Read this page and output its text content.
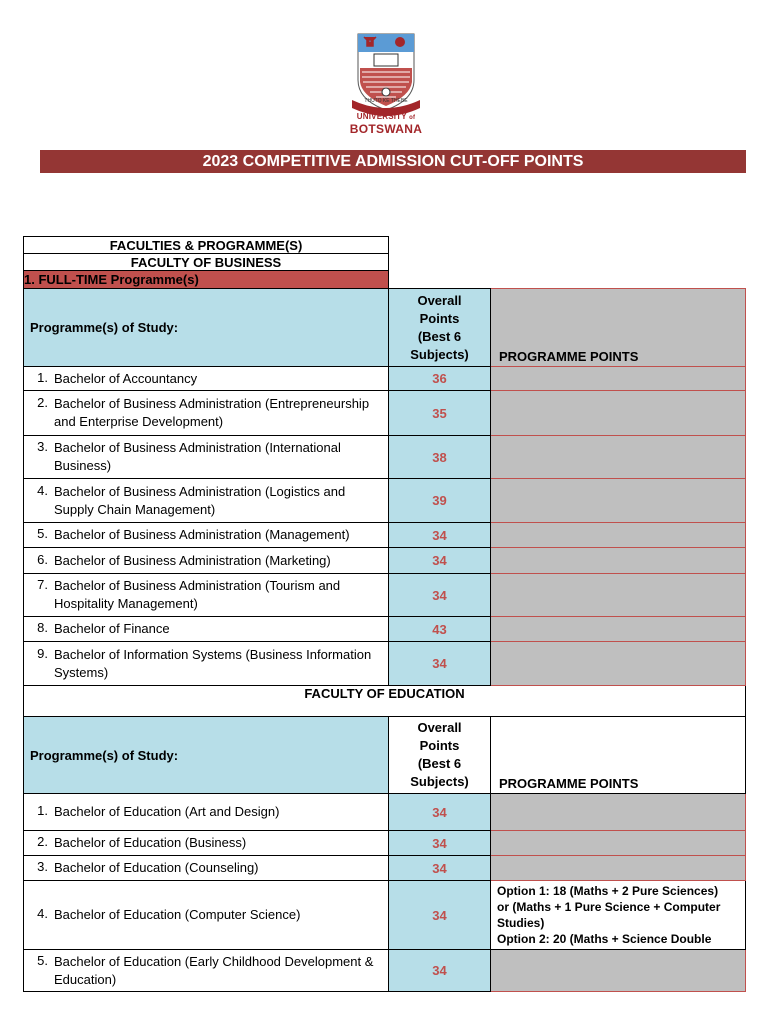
THUTO KE THEBE
UNIVERSITY of
BOTSWANA
2023 COMPETITIVE ADMISSION CUT-OFF POINTS
FACULTIES & PROGRAMME(S)		
FACULTY OF BUSINESS		
1. FULL-TIME Programme(s)		
Programme(s) of Study:	Overall
Points
(Best 6
Subjects)	PROGRAMME POINTS
1. Bachelor of Accountancy	36	
2. Bachelor of Business Administration (Entrepreneurship and Enterprise Development)	35	
3. Bachelor of Business Administration (International Business)	38	
4. Bachelor of Business Administration (Logistics and Supply Chain Management)	39	
5. Bachelor of Business Administration (Management)	34	
6. Bachelor of Business Administration (Marketing)	34	
7. Bachelor of Business Administration (Tourism and Hospitality Management)	34	
8. Bachelor of Finance	43	
9. Bachelor of Information Systems (Business Information Systems)	34	
FACULTY OF EDUCATION		
Programme(s) of Study:	Overall
Points
(Best 6
Subjects)	PROGRAMME POINTS
1. Bachelor of Education (Art and Design)	34	
2. Bachelor of Education (Business)	34	
3. Bachelor of Education (Counseling)	34	
4. Bachelor of Education (Computer Science)	34	Option 1: 18 (Maths + 2 Pure Sciences)
or (Maths + 1 Pure Science + Computer Studies)
Option 2: 20 (Maths + Science Double

5. Bachelor of Education (Early Childhood Development & Education)	34	
